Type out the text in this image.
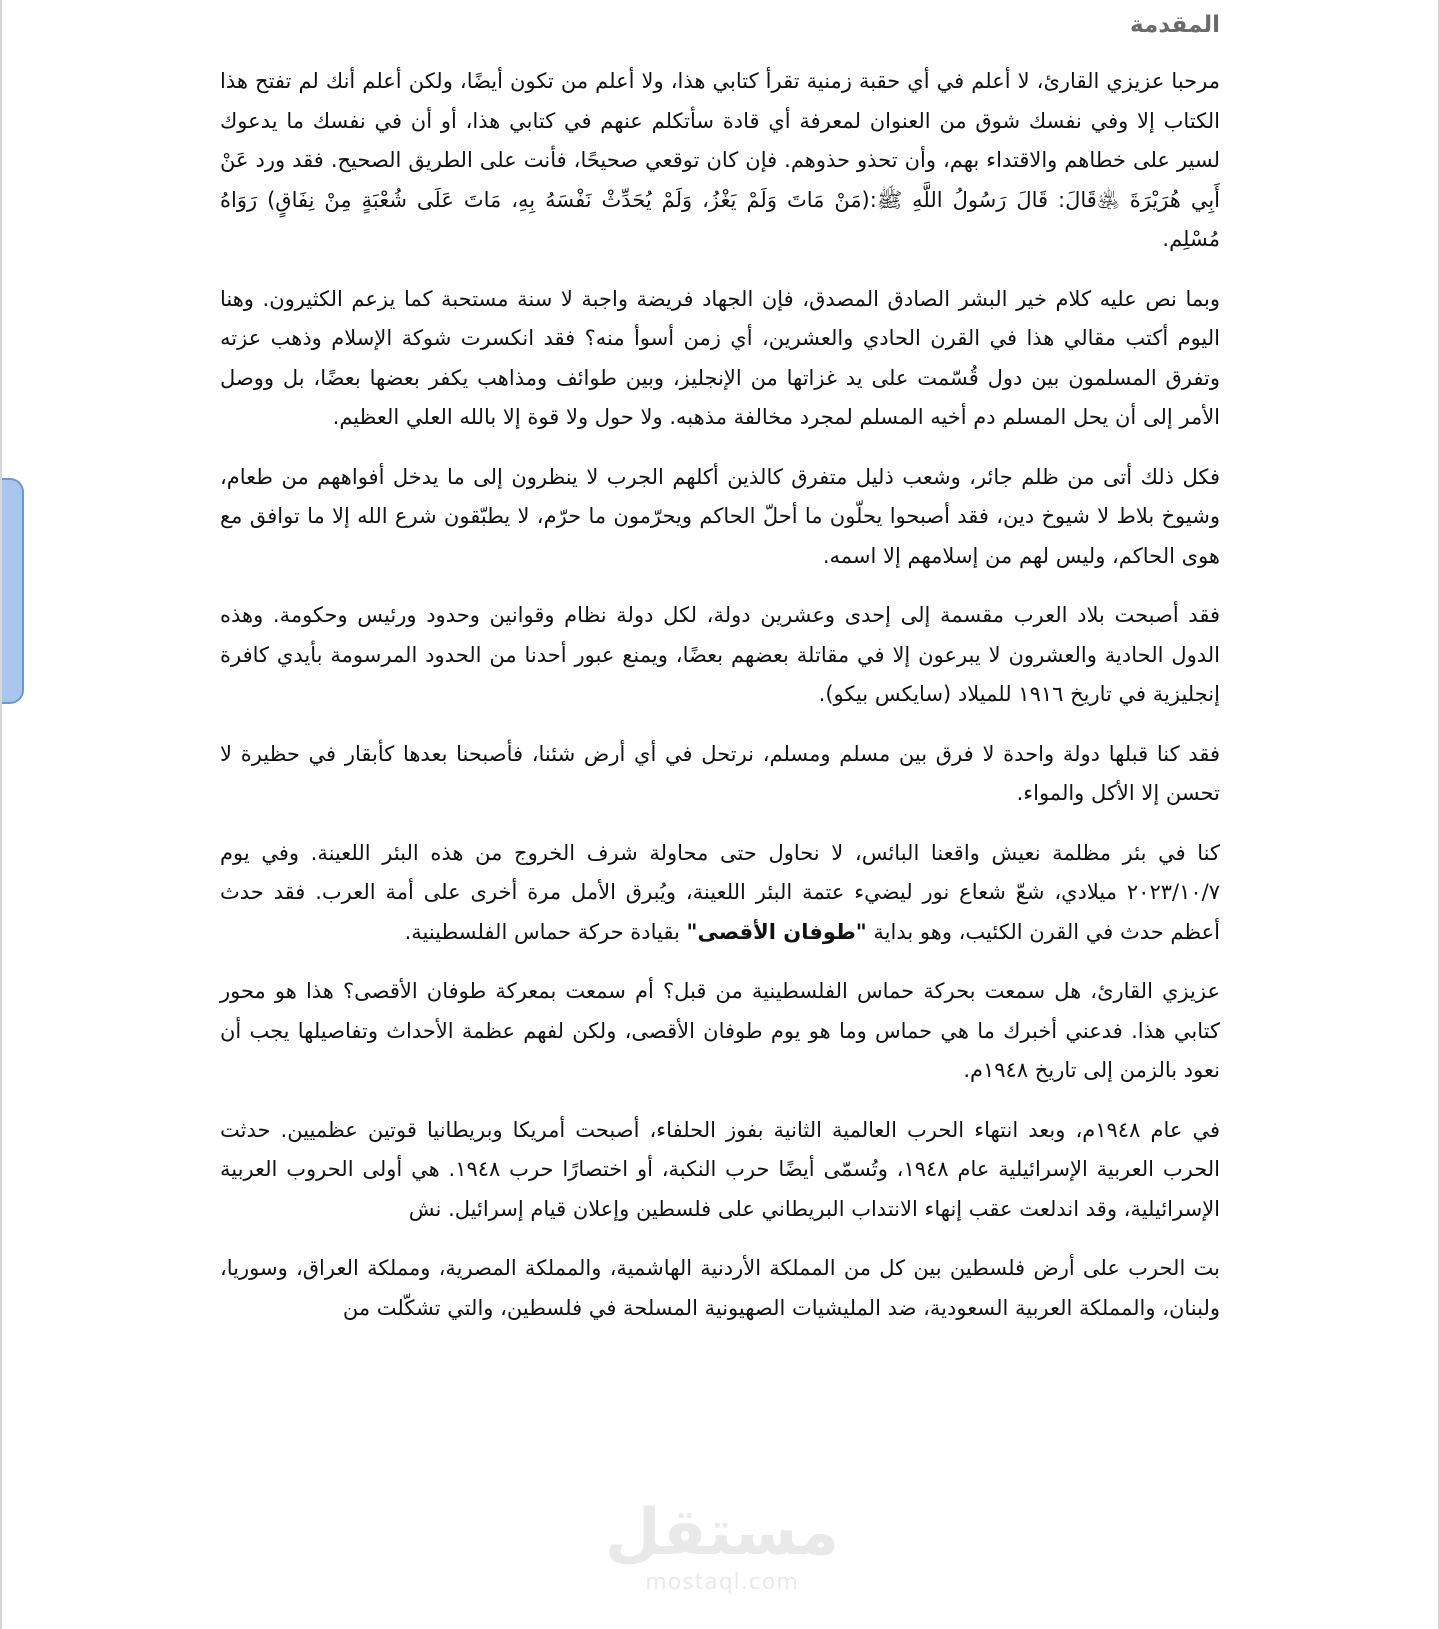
المقدمة

مرحبا عزيزي القارئ، لا أعلم في أي حقبة زمنية تقرأ كتابي هذا، ولا أعلم من تكون أيضًا، ولكن أعلم أنك لم تفتح هذا الكتاب إلا وفي نفسك شوق من العنوان لمعرفة أي قادة سأتكلم عنهم في كتابي هذا، أو أن في نفسك ما يدعوك لسير على خطاهم والاقتداء بهم، وأن تحذو حذوهم. فإن كان توقعي صحيحًا، فأنت على الطريق الصحيح. فقد ورد عَنْ أَبِي هُرَيْرَةَ ﵁قَالَ: قَالَ رَسُولُ اللَّهِ ﷺ:(مَنْ مَاتَ وَلَمْ يَغْزُ، وَلَمْ يُحَدِّثْ نَفْسَهُ بِهِ، مَاتَ عَلَى شُعْبَةٍ مِنْ نِفَاقٍ) رَوَاهُ مُسْلِم.

وبما نص عليه كلام خير البشر الصادق المصدق، فإن الجهاد فريضة واجبة لا سنة مستحبة كما يزعم الكثيرون. وهنا اليوم أكتب مقالي هذا في القرن الحادي والعشرين، أي زمن أسوأ منه؟ فقد انكسرت شوكة الإسلام وذهب عزته وتفرق المسلمون بين دول قُسّمت على يد غزاتها من الإنجليز، وبين طوائف ومذاهب يكفر بعضها بعضًا، بل ووصل الأمر إلى أن يحل المسلم دم أخيه المسلم لمجرد مخالفة مذهبه. ولا حول ولا قوة إلا بالله العلي العظيم.

فكل ذلك أتى من ظلم جائر، وشعب ذليل متفرق كالذين أكلهم الجرب لا ينظرون إلى ما يدخل أفواههم من طعام، وشيوخ بلاط لا شيوخ دين، فقد أصبحوا يحلّون ما أحلّ الحاكم ويحرّمون ما حرّم، لا يطبّقون شرع الله إلا ما توافق مع هوى الحاكم، وليس لهم من إسلامهم إلا اسمه.

فقد أصبحت بلاد العرب مقسمة إلى إحدى وعشرين دولة، لكل دولة نظام وقوانين وحدود ورئيس وحكومة. وهذه الدول الحادية والعشرون لا يبرعون إلا في مقاتلة بعضهم بعضًا، ويمنع عبور أحدنا من الحدود المرسومة بأيدي كافرة إنجليزية في تاريخ ١٩١٦ للميلاد (سايكس بيكو).

فقد كنا قبلها دولة واحدة لا فرق بين مسلم ومسلم، نرتحل في أي أرض شئنا، فأصبحنا بعدها كأبقار في حظيرة لا تحسن إلا الأكل والمواء.

كنا في بئر مظلمة نعيش واقعنا البائس، لا نحاول حتى محاولة شرف الخروج من هذه البئر اللعينة. وفي يوم ٢٠٢٣/١٠/٧ ميلادي، شعّ شعاع نور ليضيء عتمة البئر اللعينة، ويُبرق الأمل مرة أخرى على أمة العرب. فقد حدث أعظم حدث في القرن الكئيب، وهو بداية "طوفان الأقصى" بقيادة حركة حماس الفلسطينية.

عزيزي القارئ، هل سمعت بحركة حماس الفلسطينية من قبل؟ أم سمعت بمعركة طوفان الأقصى؟ هذا هو محور كتابي هذا. فدعني أخبرك ما هي حماس وما هو يوم طوفان الأقصى، ولكن لفهم عظمة الأحداث وتفاصيلها يجب أن نعود بالزمن إلى تاريخ ١٩٤٨م.

في عام ١٩٤٨م، وبعد انتهاء الحرب العالمية الثانية بفوز الحلفاء، أصبحت أمريكا وبريطانيا قوتين عظميين. حدثت الحرب العربية الإسرائيلية عام ١٩٤٨، وتُسمّى أيضًا حرب النكبة، أو اختصارًا حرب ١٩٤٨. هي أولى الحروب العربية الإسرائيلية، وقد اندلعت عقب إنهاء الانتداب البريطاني على فلسطين وإعلان قيام إسرائيل. نش

بت الحرب على أرض فلسطين بين كل من المملكة الأردنية الهاشمية، والمملكة المصرية، ومملكة العراق، وسوريا، ولبنان، والمملكة العربية السعودية، ضد المليشيات الصهيونية المسلحة في فلسطين، والتي تشكّلت من

مستقل
mostaql.com
